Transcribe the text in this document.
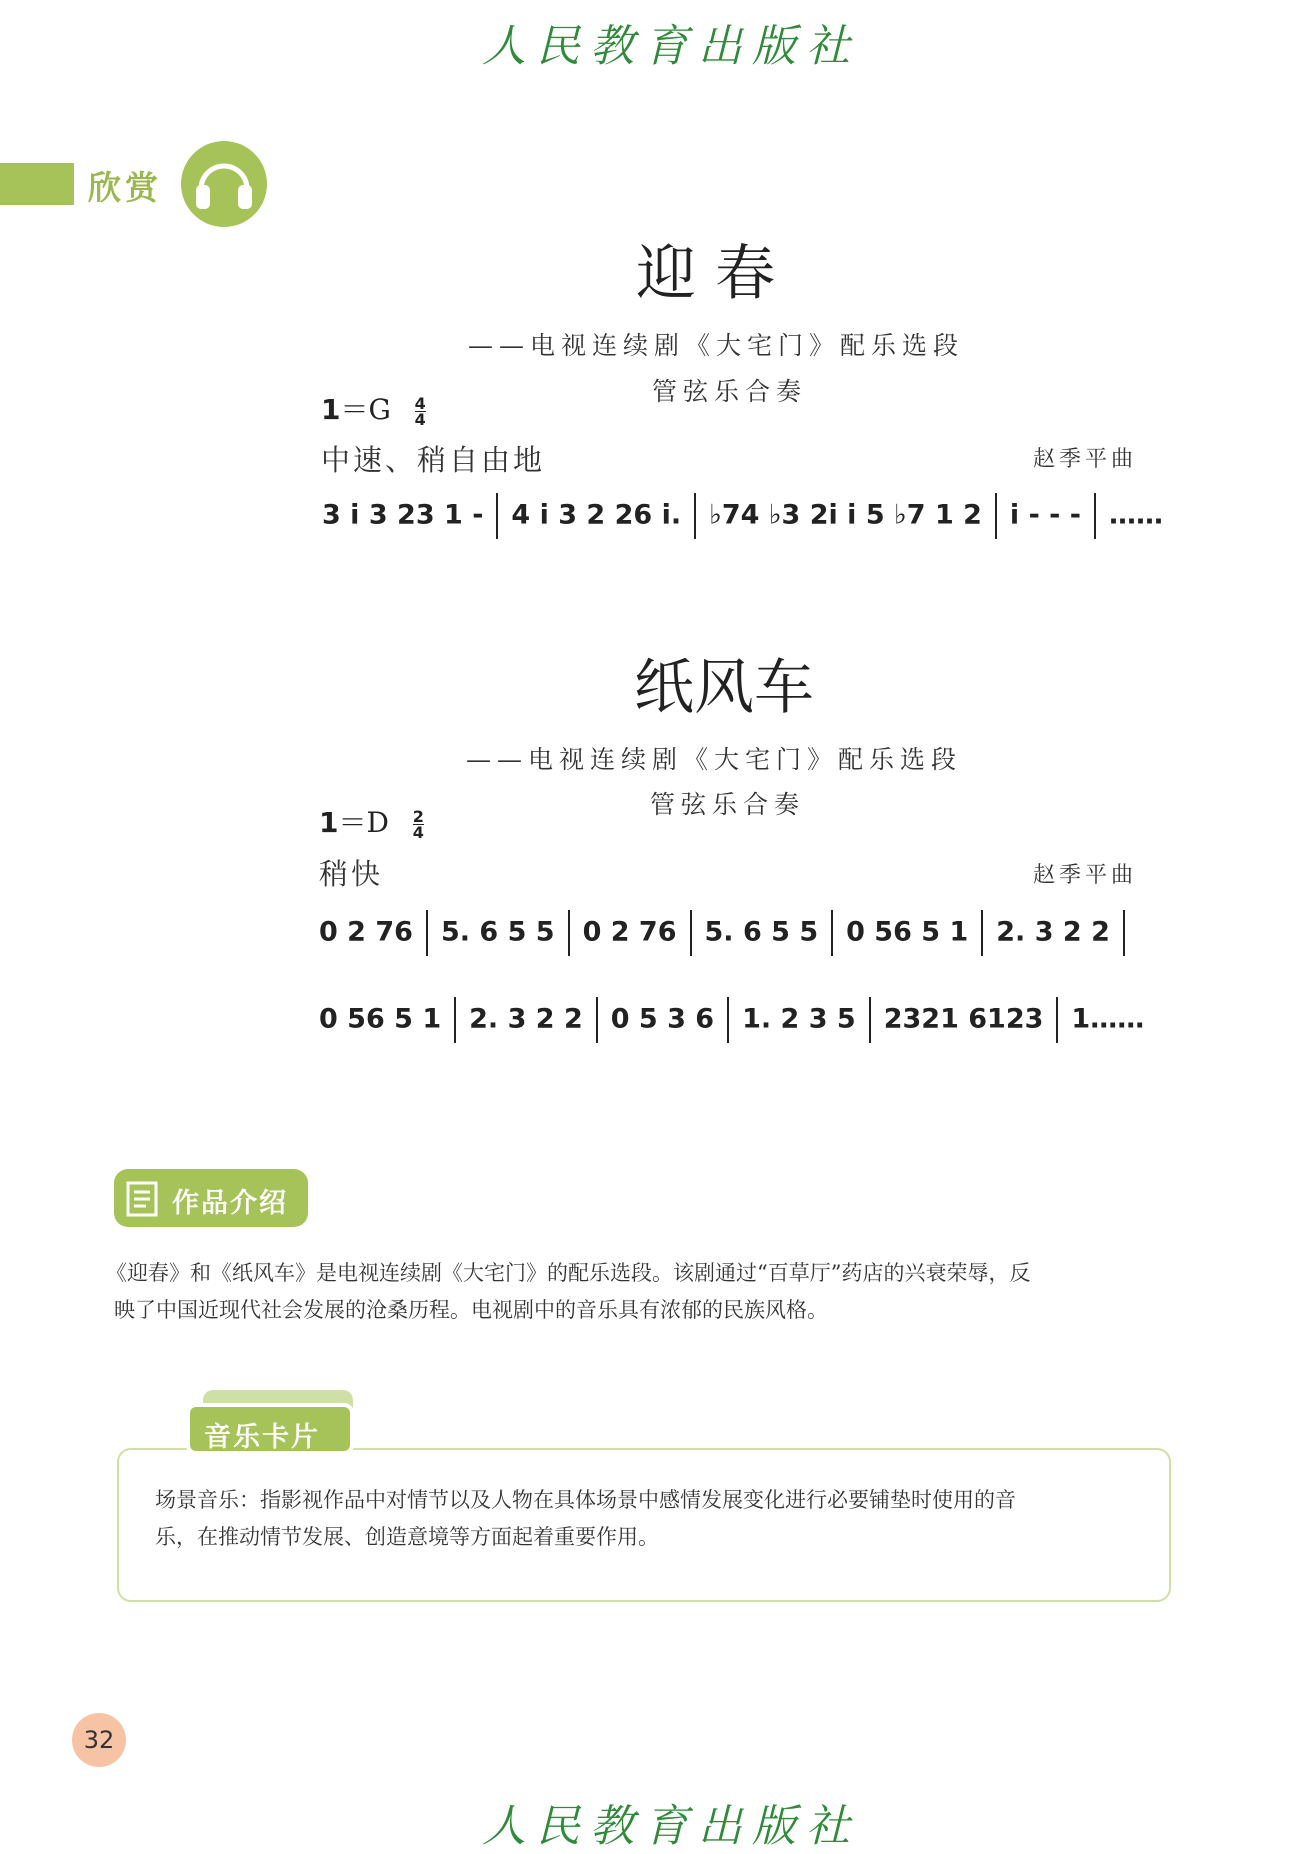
人民教育出版社
欣赏
迎 春
——电视连续剧《大宅门》配乐选段
管弦乐合奏
$1=G \frac{4}{4}$
中速、稍自由地	赵季平曲
3 i 3 23 1 - 4 i 3 2 26 i. ♭74 ♭3 2i i 5 ♭7 1 2 i - - - ……
纸风车
——电视连续剧《大宅门》配乐选段
管弦乐合奏
$1=D \frac{2}{4}$
稍快	赵季平曲
0 2 76 5. 6 5 5 0 2 76 5. 6 5 5 0 56 5 1 2. 3 2 2
0 56 5 1 2. 3 2 2 0 5 3 6 1. 2 3 5 2321 6123 1……
作品介绍
《迎春》和《纸风车》是电视连续剧《大宅门》的配乐选段。该剧通过“百草厅”药店的兴衰荣辱，反
映了中国近现代社会发展的沧桑历程。电视剧中的音乐具有浓郁的民族风格。
音乐卡片
场景音乐：指影视作品中对情节以及人物在具体场景中感情发展变化进行必要铺垫时使用的音
乐，在推动情节发展、创造意境等方面起着重要作用。
32
人民教育出版社
